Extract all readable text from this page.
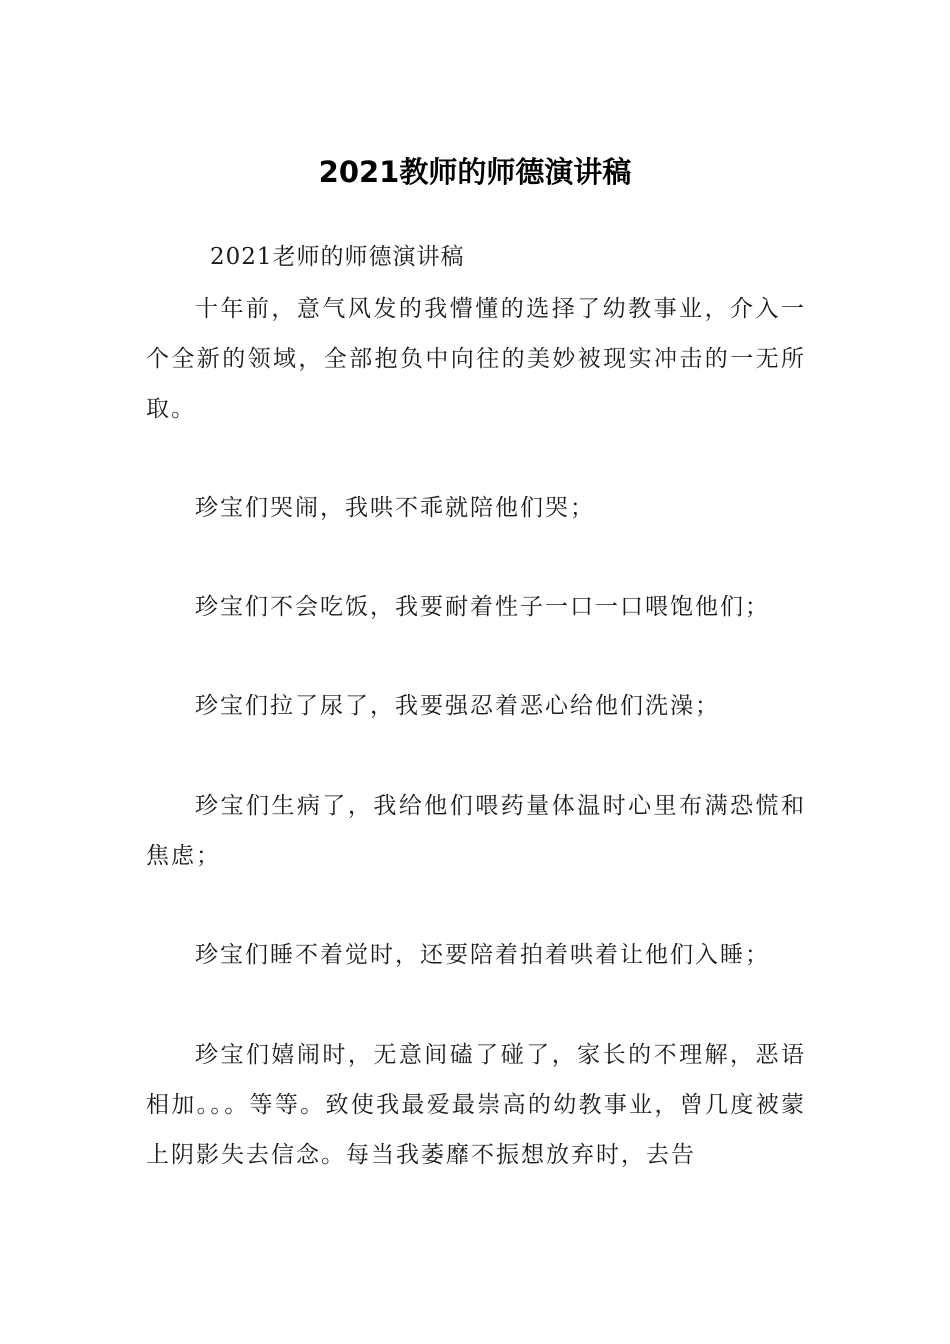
2021教师的师德演讲稿

2021老师的师德演讲稿

十年前，意气风发的我懵懂的选择了幼教事业，介入一个全新的领域，全部抱负中向往的美妙被现实冲击的一无所取。

珍宝们哭闹，我哄不乖就陪他们哭；

珍宝们不会吃饭，我要耐着性子一口一口喂饱他们；

珍宝们拉了尿了，我要强忍着恶心给他们洗澡；

珍宝们生病了，我给他们喂药量体温时心里布满恐慌和焦虑；

珍宝们睡不着觉时，还要陪着拍着哄着让他们入睡；

珍宝们嬉闹时，无意间磕了碰了，家长的不理解，恶语相加。。。等等。致使我最爱最崇高的幼教事业，曾几度被蒙上阴影失去信念。每当我萎靡不振想放弃时，去告
